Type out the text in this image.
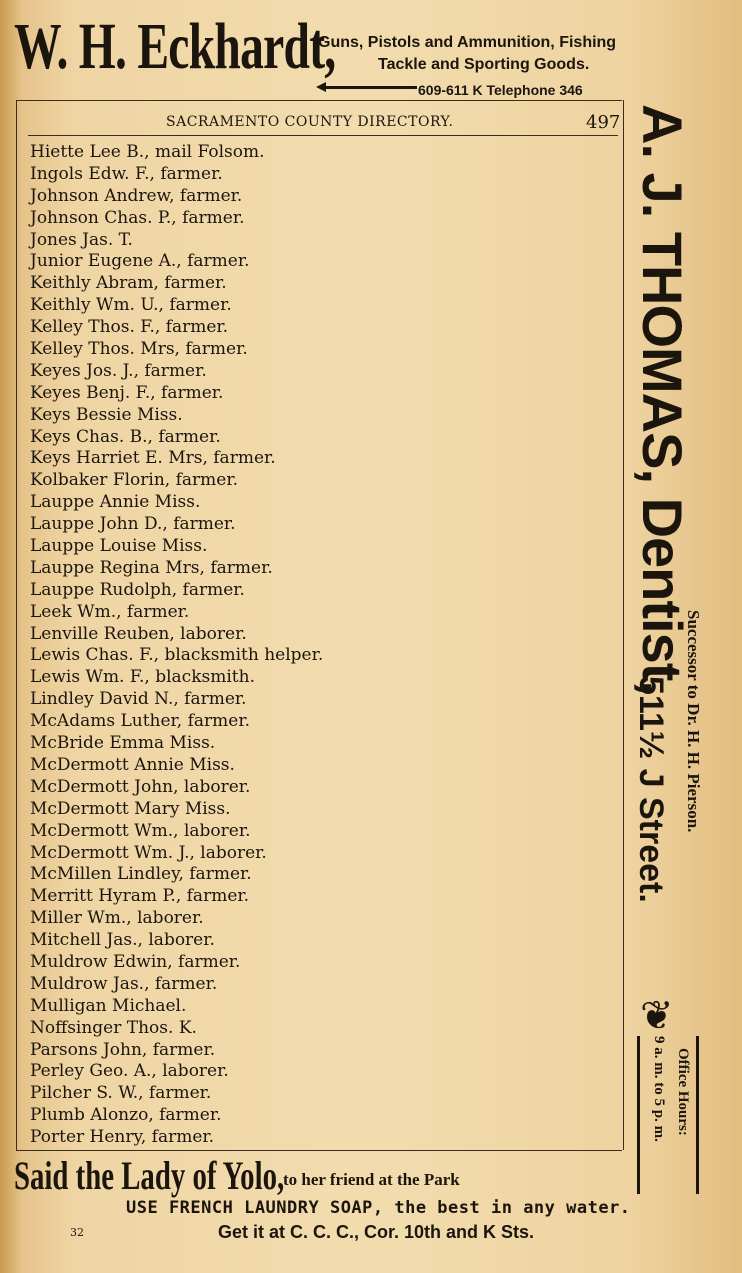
W. H. Eckhardt,
Guns, Pistols and Ammunition, Fishing
Tackle and Sporting Goods.
609-611 K Telephone 346
SACRAMENTO COUNTY DIRECTORY.	497
Hiette Lee B., mail Folsom.
Ingols Edw. F., farmer.
Johnson Andrew, farmer.
Johnson Chas. P., farmer.
Jones Jas. T.
Junior Eugene A., farmer.
Keithly Abram, farmer.
Keithly Wm. U., farmer.
Kelley Thos. F., farmer.
Kelley Thos. Mrs, farmer.
Keyes Jos. J., farmer.
Keyes Benj. F., farmer.
Keys Bessie Miss.
Keys Chas. B., farmer.
Keys Harriet E. Mrs, farmer.
Kolbaker Florin, farmer.
Lauppe Annie Miss.
Lauppe John D., farmer.
Lauppe Louise Miss.
Lauppe Regina Mrs, farmer.
Lauppe Rudolph, farmer.
Leek Wm., farmer.
Lenville Reuben, laborer.
Lewis Chas. F., blacksmith helper.
Lewis Wm. F., blacksmith.
Lindley David N., farmer.
McAdams Luther, farmer.
McBride Emma Miss.
McDermott Annie Miss.
McDermott John, laborer.
McDermott Mary Miss.
McDermott Wm., laborer.
McDermott Wm. J., laborer.
McMillen Lindley, farmer.
Merritt Hyram P., farmer.
Miller Wm., laborer.
Mitchell Jas., laborer.
Muldrow Edwin, farmer.
Muldrow Jas., farmer.
Mulligan Michael.
Noffsinger Thos. K.
Parsons John, farmer.
Perley Geo. A., laborer.
Pilcher S. W., farmer.
Plumb Alonzo, farmer.
Porter Henry, farmer.
A. J. THOMAS, Dentist,
Successor to Dr. H. H. Pierson.
511½ J Street.
❦
Office Hours:
9 a. m. to 5 p. m.
Said the Lady of Yolo,
to her friend at the Park
USE FRENCH LAUNDRY SOAP, the best in any water.
Get it at C. C. C., Cor. 10th and K Sts.
32
